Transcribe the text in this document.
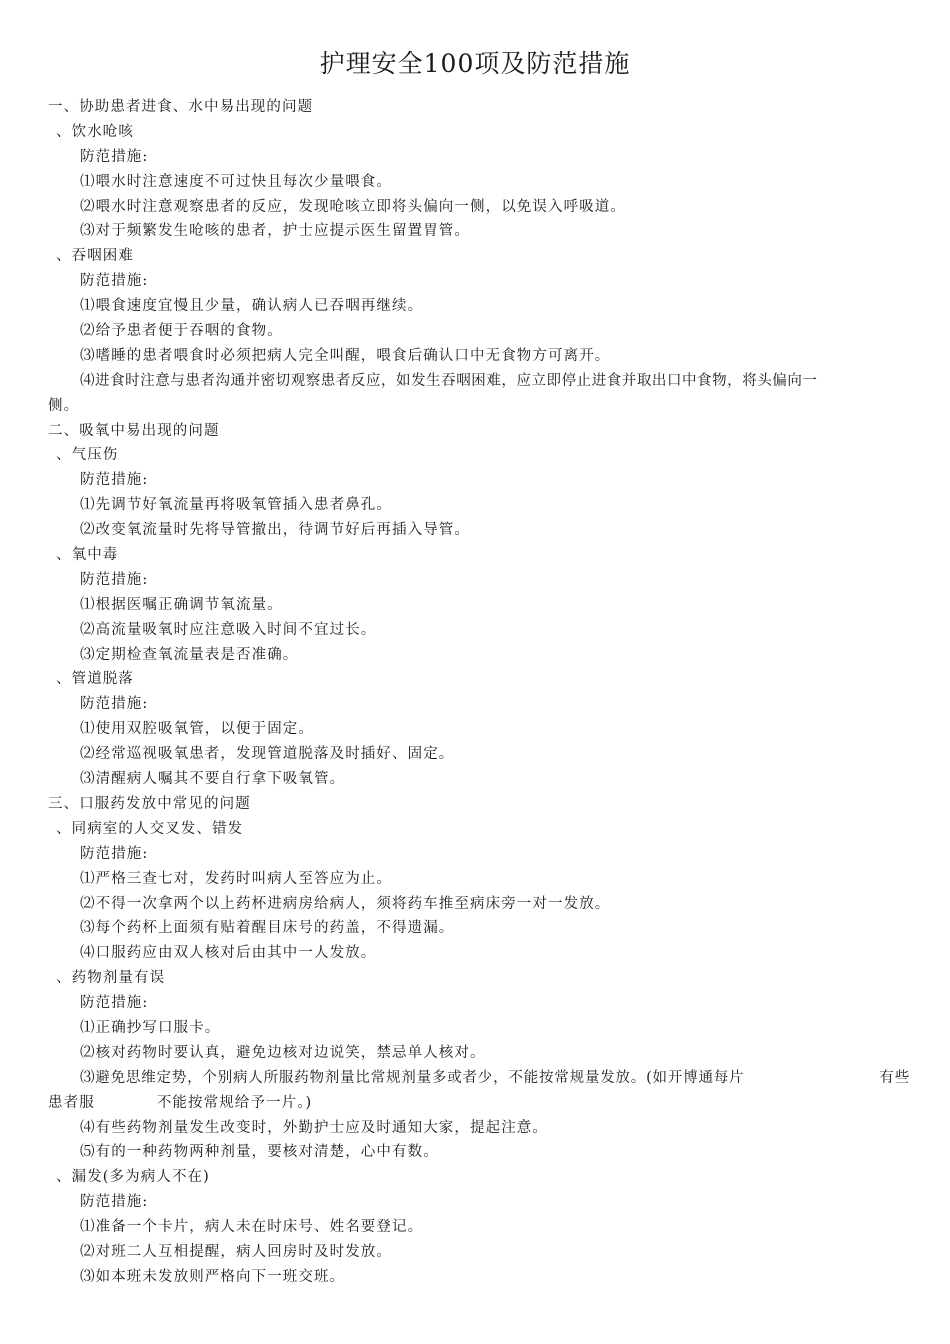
护理安全100项及防范措施
一、协助患者进食、水中易出现的问题
、饮水呛咳
防范措施:
⑴喂水时注意速度不可过快且每次少量喂食。
⑵喂水时注意观察患者的反应，发现呛咳立即将头偏向一侧，以免误入呼吸道。
⑶对于频繁发生呛咳的患者，护士应提示医生留置胃管。
、吞咽困难
防范措施:
⑴喂食速度宜慢且少量，确认病人已吞咽再继续。
⑵给予患者便于吞咽的食物。
⑶嗜睡的患者喂食时必须把病人完全叫醒，喂食后确认口中无食物方可离开。
⑷进食时注意与患者沟通并密切观察患者反应，如发生吞咽困难，应立即停止进食并取出口中食物，将头偏向一
侧。
二、吸氧中易出现的问题
、气压伤
防范措施:
⑴先调节好氧流量再将吸氧管插入患者鼻孔。
⑵改变氧流量时先将导管撤出，待调节好后再插入导管。
、氧中毒
防范措施:
⑴根据医嘱正确调节氧流量。
⑵高流量吸氧时应注意吸入时间不宜过长。
⑶定期检查氧流量表是否准确。
、管道脱落
防范措施:
⑴使用双腔吸氧管，以便于固定。
⑵经常巡视吸氧患者，发现管道脱落及时插好、固定。
⑶清醒病人嘱其不要自行拿下吸氧管。
三、口服药发放中常见的问题
、同病室的人交叉发、错发
防范措施:
⑴严格三查七对，发药时叫病人至答应为止。
⑵不得一次拿两个以上药杯进病房给病人，须将药车推至病床旁一对一发放。
⑶每个药杯上面须有贴着醒目床号的药盖，不得遗漏。
⑷口服药应由双人核对后由其中一人发放。
、药物剂量有误
防范措施:
⑴正确抄写口服卡。
⑵核对药物时要认真，避免边核对边说笑，禁忌单人核对。
⑶避免思维定势，个别病人所服药物剂量比常规剂量多或者少，不能按常规量发放。(如开博通每片	有些
患者服	不能按常规给予一片。)
⑷有些药物剂量发生改变时，外勤护士应及时通知大家，提起注意。
⑸有的一种药物两种剂量，要核对清楚，心中有数。
、漏发(多为病人不在)
防范措施:
⑴准备一个卡片，病人未在时床号、姓名要登记。
⑵对班二人互相提醒，病人回房时及时发放。
⑶如本班未发放则严格向下一班交班。
